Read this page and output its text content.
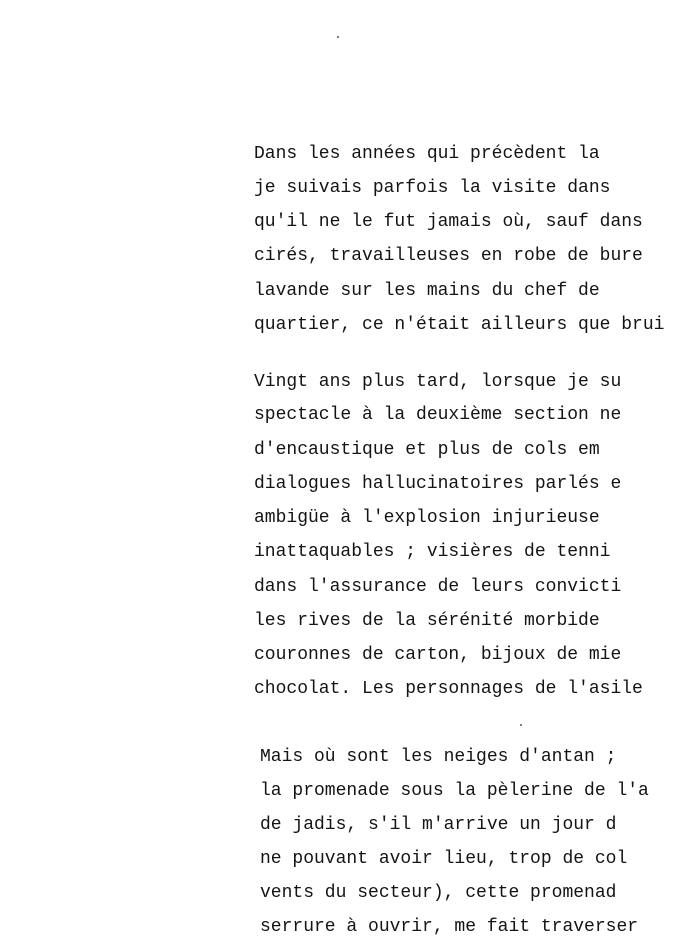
Dans les années qui précèdent la
je suivais parfois la visite dans
qu'il ne le fut jamais où, sauf dans
cirés, travailleuses en robe de bure
lavande sur les mains du chef de
quartier, ce n'était ailleurs que brui
Vingt ans plus tard, lorsque je su
spectacle à la deuxième section ne
d'encaustique et plus de cols em
dialogues hallucinatoires parlés e
ambigüe à l'explosion injurieuse
inattaquables ; visières de tenni
dans l'assurance de leurs convicti
les rives de la sérénité morbide
couronnes de carton, bijoux de mie
chocolat. Les personnages de l'asile
Mais où sont les neiges d'antan ;
la promenade sous la pèlerine de l'a
de jadis, s'il m'arrive un jour d
ne pouvant avoir lieu, trop de col
vents du secteur), cette promenad
serrure à ouvrir, me fait traverser
